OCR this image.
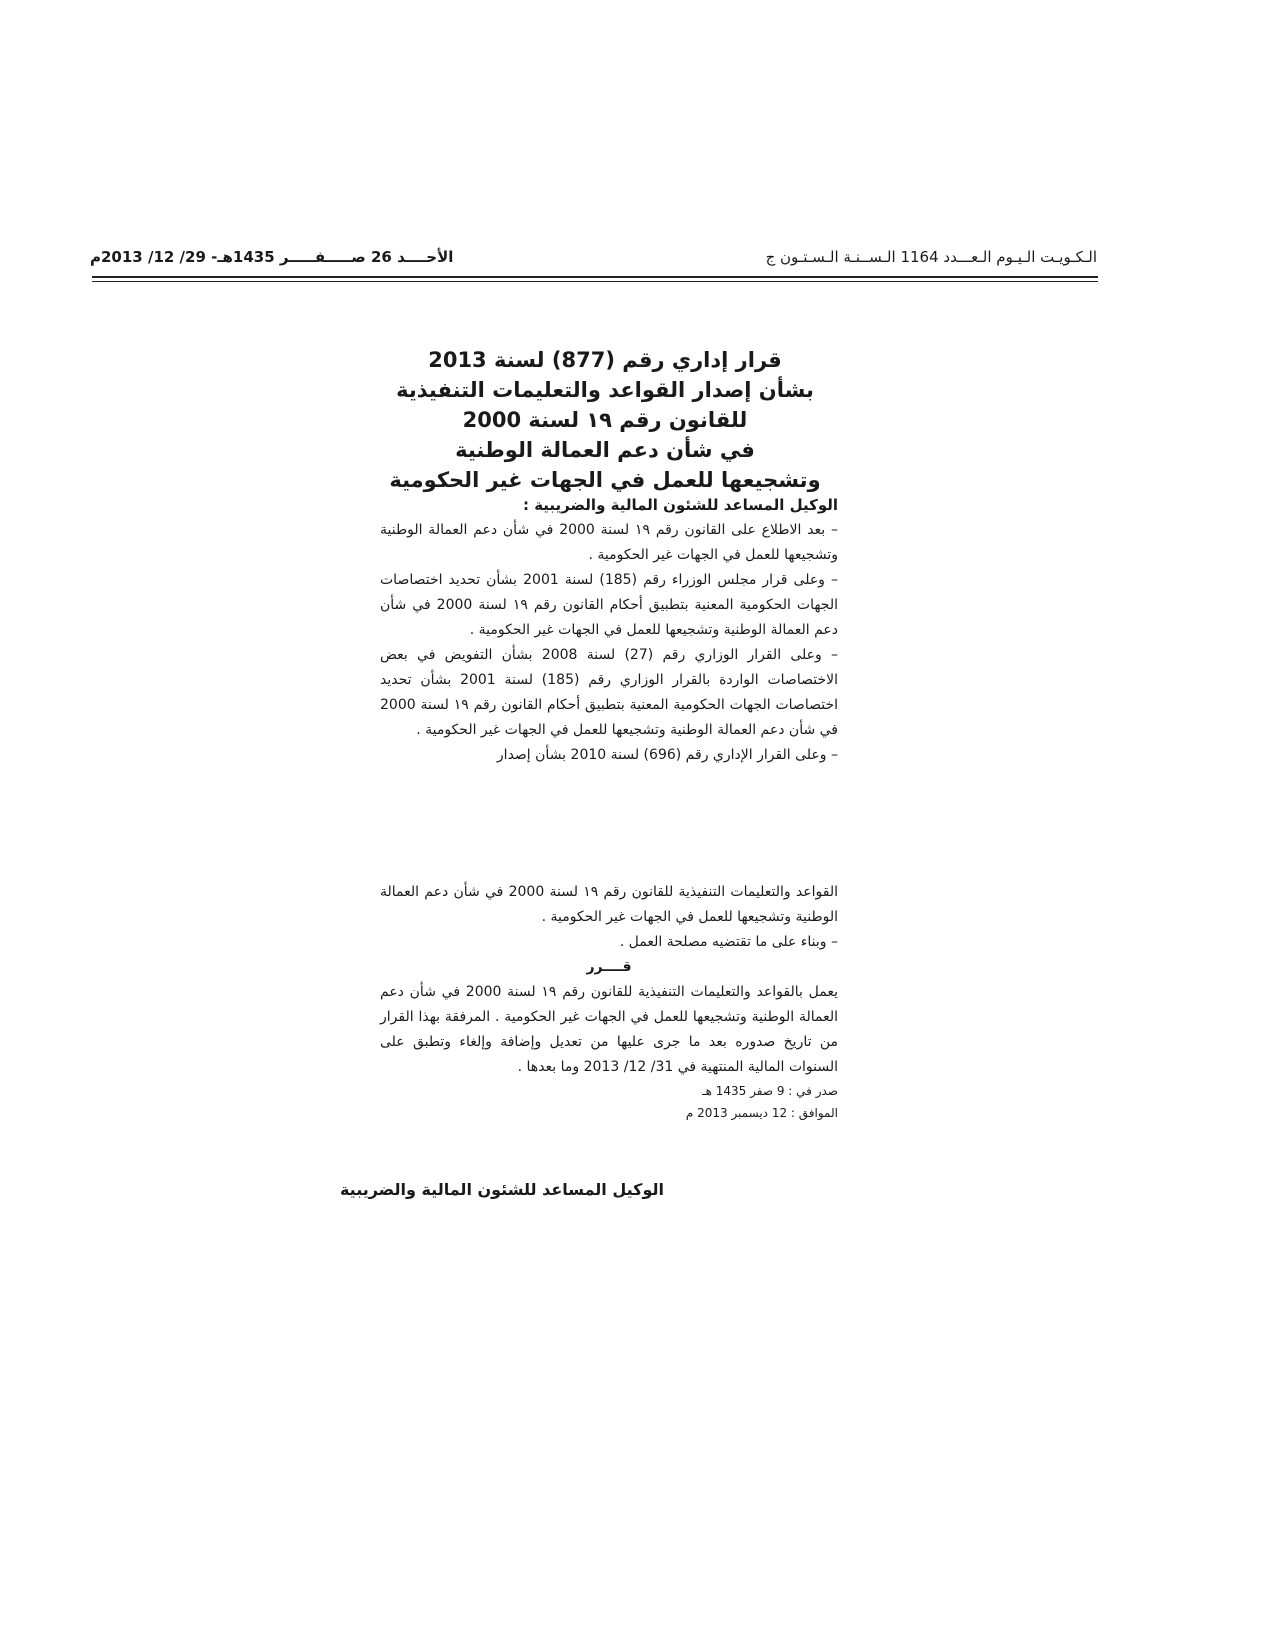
الأحــــد 26 صـــــفـــــر 1435هـ- 29/ 12/ 2013م	الـكـويـت الـيـوم الـعـــدد 1164 الـســنـة الـسـتـون ج
قرار إداري رقم (877) لسنة 2013
بشأن إصدار القواعد والتعليمات التنفيذية
للقانون رقم ١٩ لسنة 2000
في شأن دعم العمالة الوطنية
وتشجيعها للعمل في الجهات غير الحكومية
الوكيل المساعد للشئون المالية والضريبية :
– بعد الاطلاع على القانون رقم ١٩ لسنة 2000 في شأن دعم العمالة الوطنية وتشجيعها للعمل في الجهات غير الحكومية .
– وعلى قرار مجلس الوزراء رقم (185) لسنة 2001 بشأن تحديد اختصاصات الجهات الحكومية المعنية بتطبيق أحكام القانون رقم ١٩ لسنة 2000 في شأن دعم العمالة الوطنية وتشجيعها للعمل في الجهات غير الحكومية .
– وعلى القرار الوزاري رقم (27) لسنة 2008 بشأن التفويض في بعض الاختصاصات الواردة بالقرار الوزاري رقم (185) لسنة 2001 بشأن تحديد اختصاصات الجهات الحكومية المعنية بتطبيق أحكام القانون رقم ١٩ لسنة 2000 في شأن دعم العمالة الوطنية وتشجيعها للعمل في الجهات غير الحكومية .
– وعلى القرار الإداري رقم (696) لسنة 2010 بشأن إصدار
القواعد والتعليمات التنفيذية للقانون رقم ١٩ لسنة 2000 في شأن دعم العمالة الوطنية وتشجيعها للعمل في الجهات غير الحكومية .
– وبناء على ما تقتضيه مصلحة العمل .
قــــرر
يعمل بالقواعد والتعليمات التنفيذية للقانون رقم ١٩ لسنة 2000 في شأن دعم العمالة الوطنية وتشجيعها للعمل في الجهات غير الحكومية . المرفقة بهذا القرار من تاريخ صدوره بعد ما جرى عليها من تعديل وإضافة وإلغاء وتطبق على السنوات المالية المنتهية في 31/ 12/ 2013 وما بعدها .
صدر في : 9 صفر 1435 هـ
الموافق : 12 ديسمبر 2013 م
الوكيل المساعد للشئون المالية والضريبية
